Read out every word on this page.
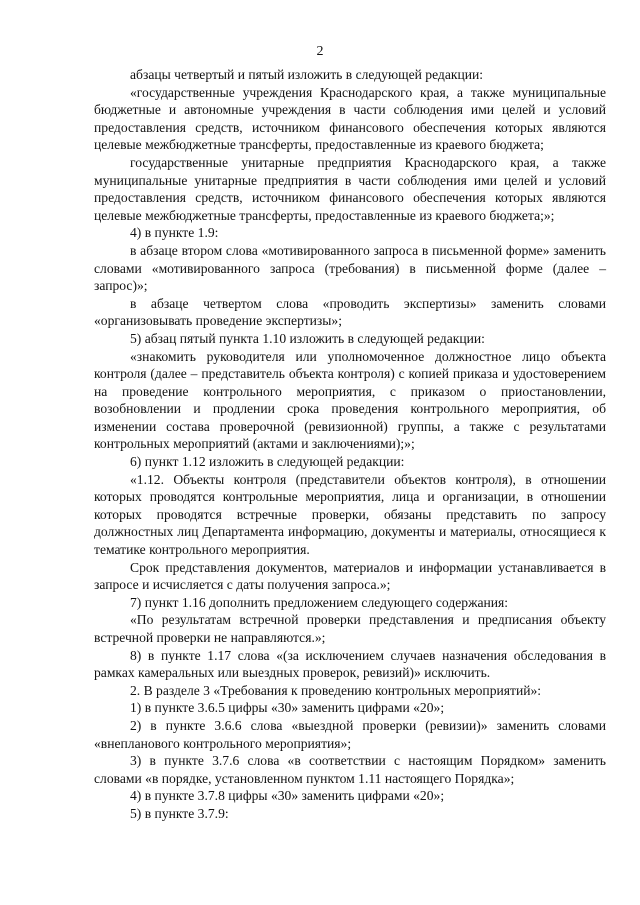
2

абзацы четвертый и пятый изложить в следующей редакции:

«государственные учреждения Краснодарского края, а также муниципальные бюджетные и автономные учреждения в части соблюдения ими целей и условий предоставления средств, источником финансового обеспечения которых являются целевые межбюджетные трансферты, предоставленные из краевого бюджета;

государственные унитарные предприятия Краснодарского края, а также муниципальные унитарные предприятия в части соблюдения ими целей и условий предоставления средств, источником финансового обеспечения которых являются целевые межбюджетные трансферты, предоставленные из краевого бюджета;»;

4) в пункте 1.9:

в абзаце втором слова «мотивированного запроса в письменной форме» заменить словами «мотивированного запроса (требования) в письменной форме (далее – запрос)»;

в абзаце четвертом слова «проводить экспертизы» заменить словами «организовывать проведение экспертизы»;

5) абзац пятый пункта 1.10 изложить в следующей редакции:

«знакомить руководителя или уполномоченное должностное лицо объекта контроля (далее – представитель объекта контроля) с копией приказа и удостоверением на проведение контрольного мероприятия, с приказом о приостановлении, возобновлении и продлении срока проведения контрольного мероприятия, об изменении состава проверочной (ревизионной) группы, а также с результатами контрольных мероприятий (актами и заключениями);»;

6) пункт 1.12 изложить в следующей редакции:

«1.12. Объекты контроля (представители объектов контроля), в отношении которых проводятся контрольные мероприятия, лица и организации, в отношении которых проводятся встречные проверки, обязаны представить по запросу должностных лиц Департамента информацию, документы и материалы, относящиеся к тематике контрольного мероприятия.

Срок представления документов, материалов и информации устанавливается в запросе и исчисляется с даты получения запроса.»;

7) пункт 1.16 дополнить предложением следующего содержания:

«По результатам встречной проверки представления и предписания объекту встречной проверки не направляются.»;

8) в пункте 1.17 слова «(за исключением случаев назначения обследования в рамках камеральных или выездных проверок, ревизий)» исключить.

2. В разделе 3 «Требования к проведению контрольных мероприятий»:

1) в пункте 3.6.5 цифры «30» заменить цифрами «20»;

2) в пункте 3.6.6 слова «выездной проверки (ревизии)» заменить словами «внепланового контрольного мероприятия»;

3) в пункте 3.7.6 слова «в соответствии с настоящим Порядком» заменить словами «в порядке, установленном пунктом 1.11 настоящего Порядка»;

4) в пункте 3.7.8 цифры «30» заменить цифрами «20»;

5) в пункте 3.7.9:
